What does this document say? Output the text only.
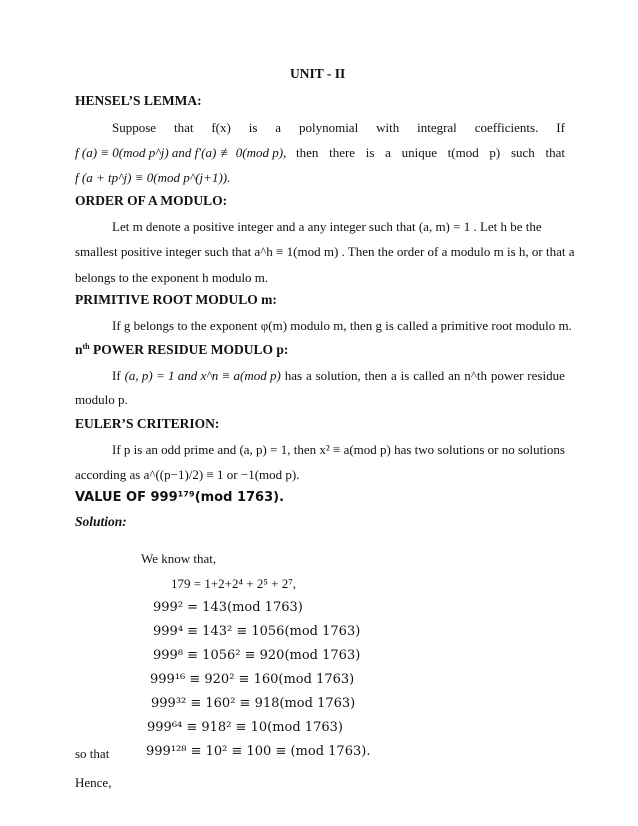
UNIT - II
HENSEL’S LEMMA:
Suppose that f(x) is a polynomial with integral coefficients. If
f (a) ≡ 0(mod p^j) and f′(a) ≢ 0(mod p), then there is a unique t(mod p) such that
f (a + tp^j) ≡ 0(mod p^(j+1)).
ORDER OF A MODULO:
Let m denote a positive integer and a any integer such that (a, m) = 1 . Let h be the
smallest positive integer such that a^h ≡ 1(mod m) . Then the order of a modulo m is h, or that a
belongs to the exponent h modulo m.
PRIMITIVE ROOT MODULO m:
If g belongs to the exponent φ(m) modulo m, then g is called a primitive root modulo m.
$n^{th}$ POWER RESIDUE MODULO p:
If (a, p) = 1 and x^n ≡ a(mod p) has a solution, then a is called an n^th power residue
modulo p.
EULER’S CRITERION:
If p is an odd prime and (a, p) = 1, then x² ≡ a(mod p) has two solutions or no solutions
according as a^((p−1)/2) ≡ 1 or −1(mod p).
VALUE OF 999¹⁷⁹(mod 1763).
Solution:
We know that,
179 = 1+2+2⁴ + 2⁵ + 2⁷,
999² = 143(mod 1763)
999⁴ ≡ 143² ≡ 1056(mod 1763)
999⁸ ≡ 1056² ≡ 920(mod 1763)
999¹⁶ ≡ 920² ≡ 160(mod 1763)
999³² ≡ 160² ≡ 918(mod 1763)
999⁶⁴ ≡ 918² ≡ 10(mod 1763)
so that	999¹²⁸ ≡ 10² ≡ 100 ≡ (mod 1763).
Hence,
